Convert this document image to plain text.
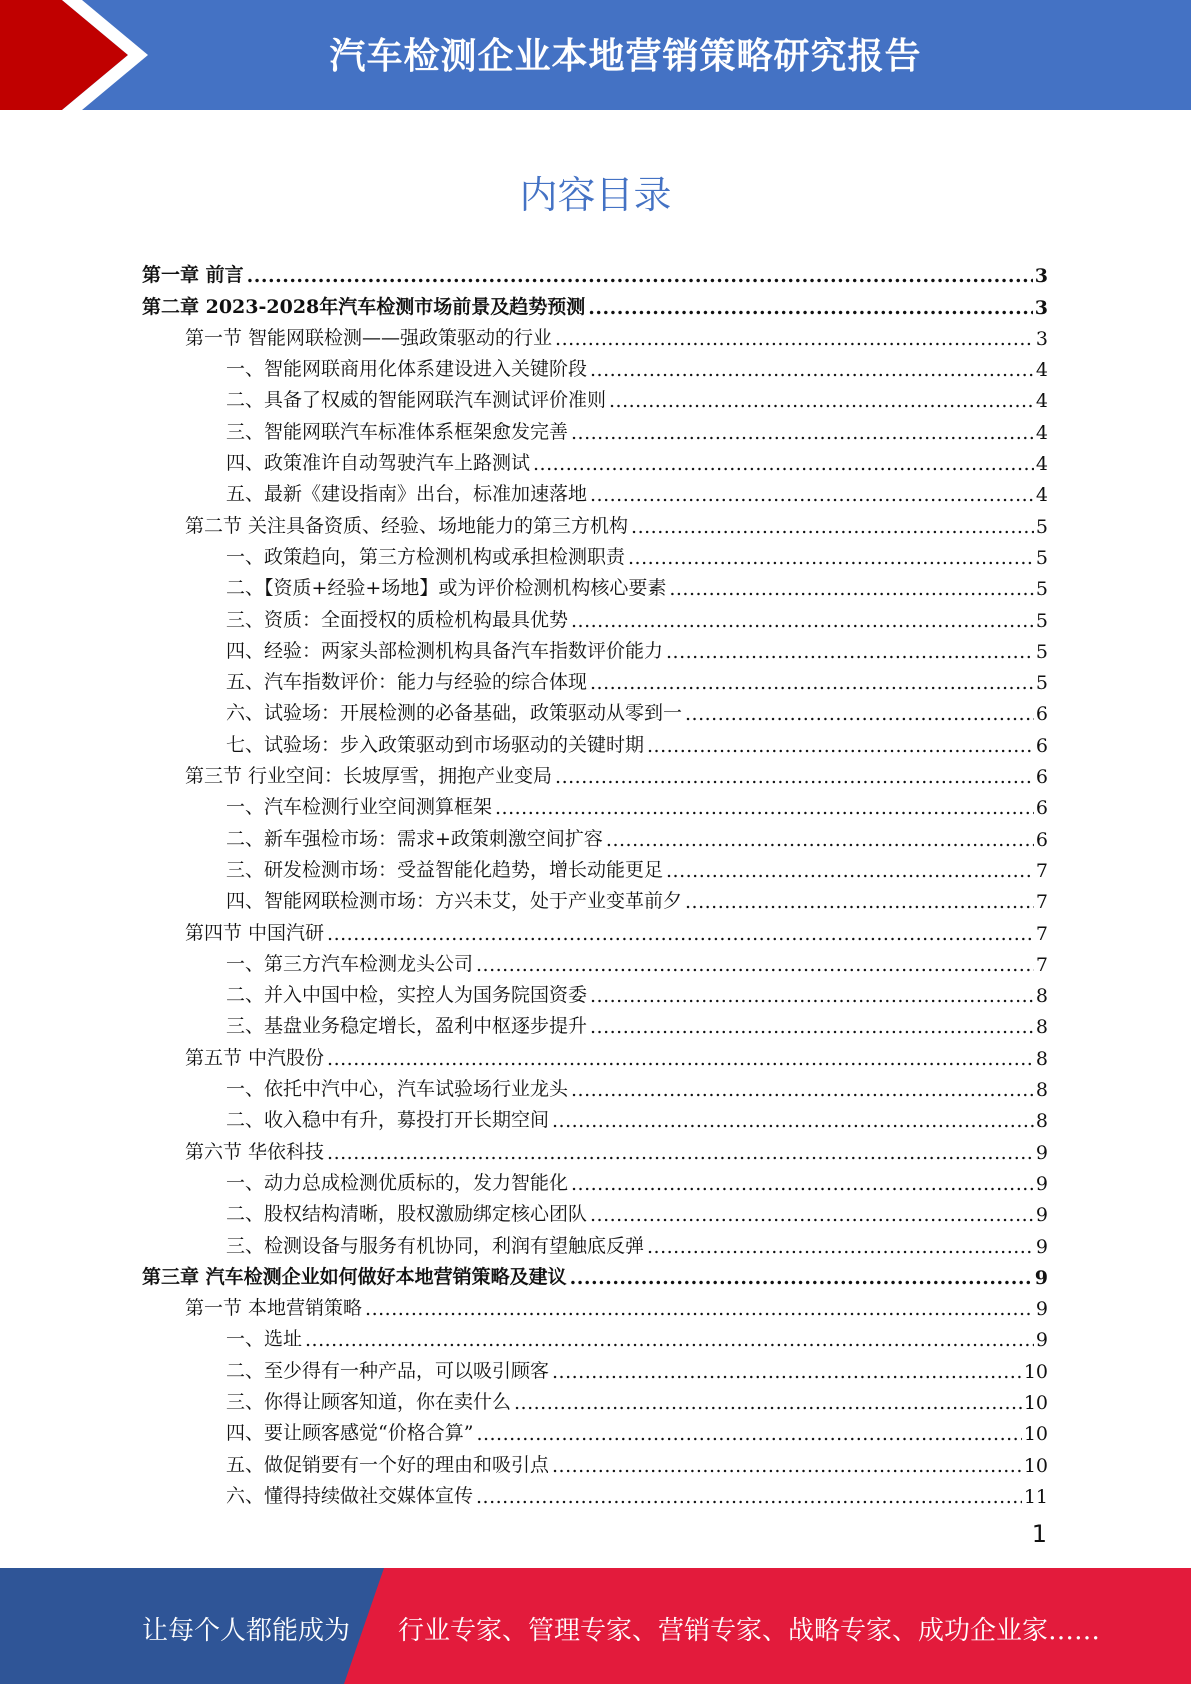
汽车检测企业本地营销策略研究报告
内容目录
第一章 前言 .....	3
第二章 2023-2028年汽车检测市场前景及趋势预测 .....	3
第一节 智能网联检测——强政策驱动的行业 .....	3
一、智能网联商用化体系建设进入关键阶段 .....	4
二、具备了权威的智能网联汽车测试评价准则 .....	4
三、智能网联汽车标准体系框架愈发完善 .....	4
四、政策准许自动驾驶汽车上路测试 .....	4
五、最新《建设指南》出台，标准加速落地 .....	4
第二节 关注具备资质、经验、场地能力的第三方机构 .....	5
一、政策趋向，第三方检测机构或承担检测职责 .....	5
二、【资质+经验+场地】或为评价检测机构核心要素 .....	5
三、资质：全面授权的质检机构最具优势 .....	5
四、经验：两家头部检测机构具备汽车指数评价能力 .....	5
五、汽车指数评价：能力与经验的综合体现 .....	5
六、试验场：开展检测的必备基础，政策驱动从零到一 .....	6
七、试验场：步入政策驱动到市场驱动的关键时期 .....	6
第三节 行业空间：长坡厚雪，拥抱产业变局 .....	6
一、汽车检测行业空间测算框架 .....	6
二、新车强检市场：需求+政策刺激空间扩容 .....	6
三、研发检测市场：受益智能化趋势，增长动能更足 .....	7
四、智能网联检测市场：方兴未艾，处于产业变革前夕 .....	7
第四节 中国汽研 .....	7
一、第三方汽车检测龙头公司 .....	7
二、并入中国中检，实控人为国务院国资委 .....	8
三、基盘业务稳定增长，盈利中枢逐步提升 .....	8
第五节 中汽股份 .....	8
一、依托中汽中心，汽车试验场行业龙头 .....	8
二、收入稳中有升，募投打开长期空间 .....	8
第六节 华依科技 .....	9
一、动力总成检测优质标的，发力智能化 .....	9
二、股权结构清晰，股权激励绑定核心团队 .....	9
三、检测设备与服务有机协同，利润有望触底反弹 .....	9
第三章 汽车检测企业如何做好本地营销策略及建议 .....	9
第一节 本地营销策略 .....	9
一、选址 .....	9
二、至少得有一种产品，可以吸引顾客 .....	10
三、你得让顾客知道，你在卖什么 .....	10
四、要让顾客感觉“价格合算” .....	10
五、做促销要有一个好的理由和吸引点 .....	10
六、懂得持续做社交媒体宣传 .....	11
1
让每个人都能成为 行业专家、管理专家、营销专家、战略专家、成功企业家……
